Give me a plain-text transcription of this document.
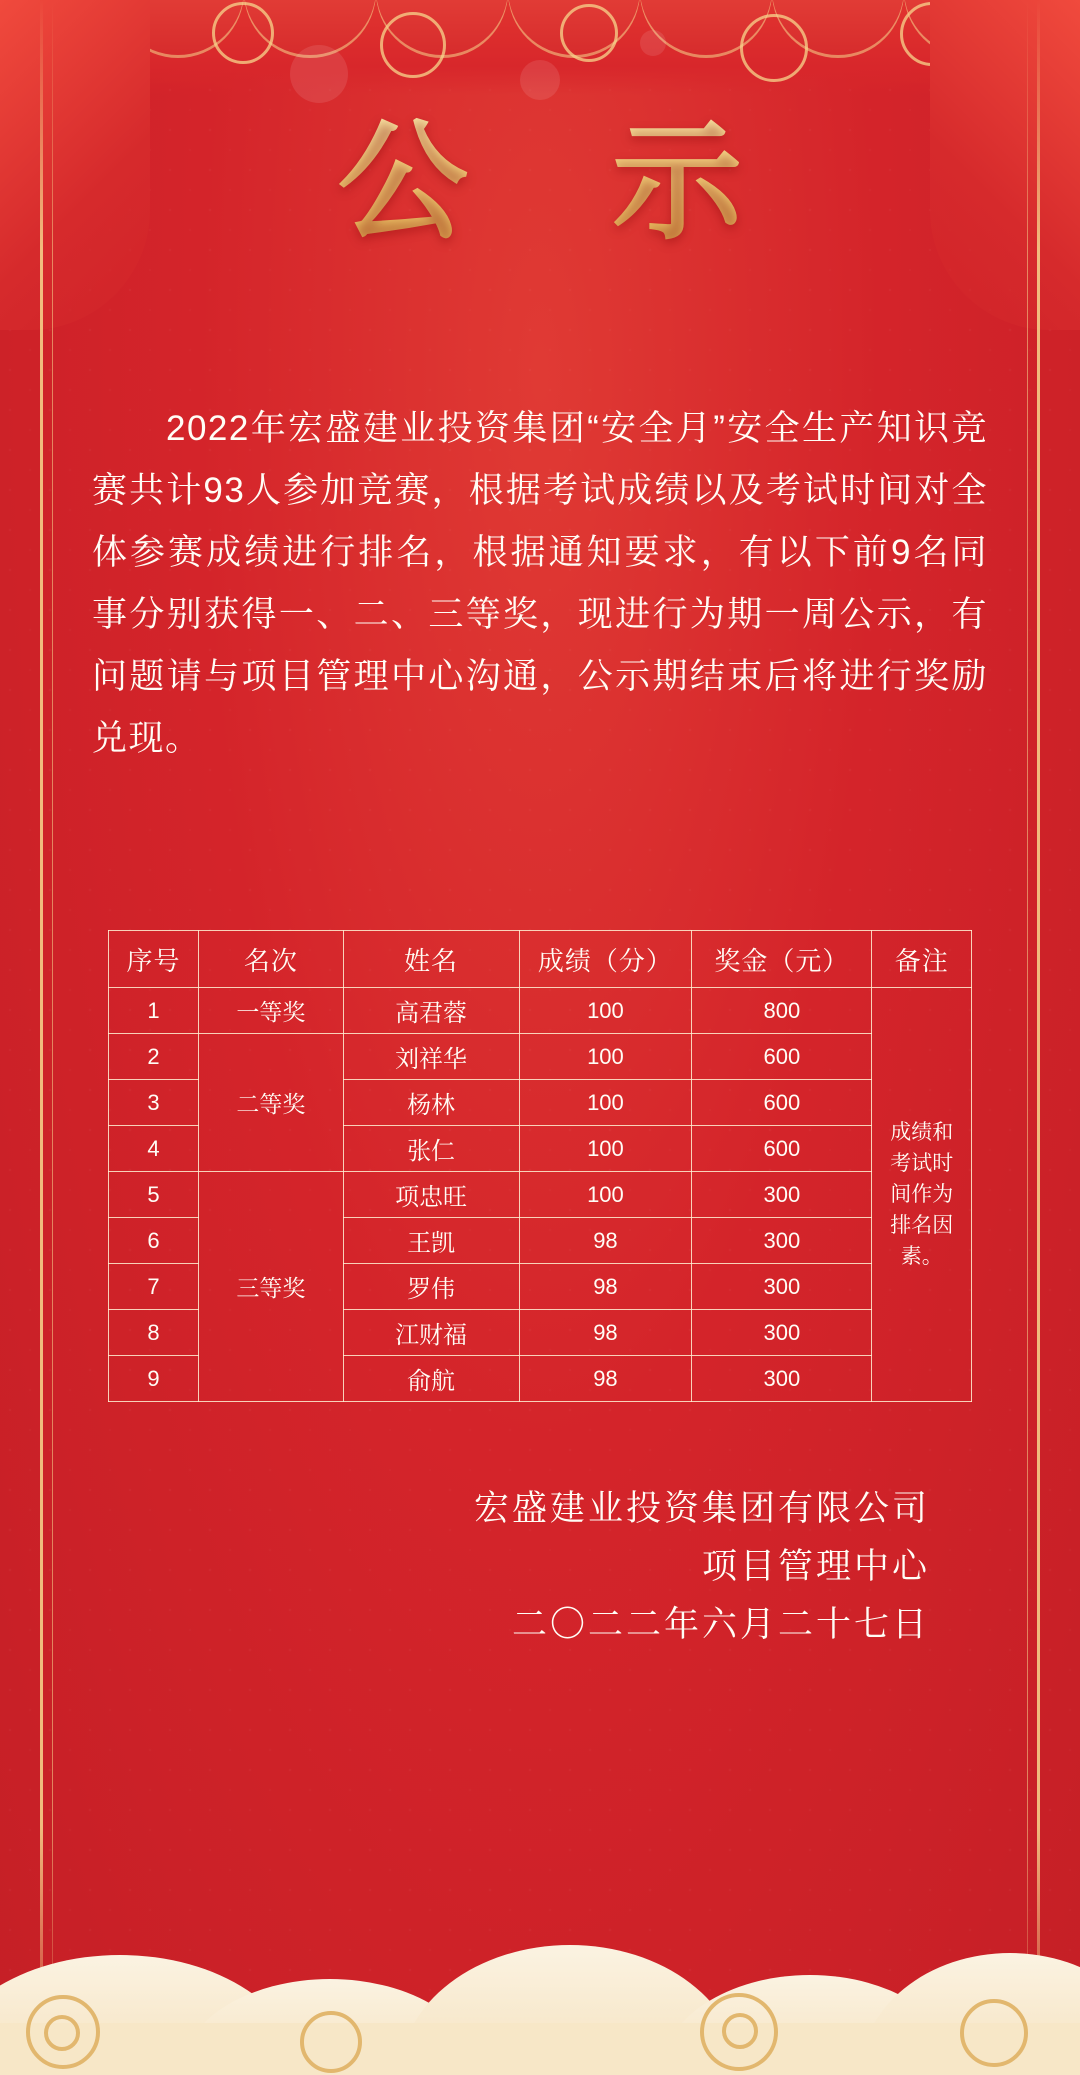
公 示
2022年宏盛建业投资集团“安全月”安全生产知识竞赛共计93人参加竞赛，根据考试成绩以及考试时间对全体参赛成绩进行排名，根据通知要求，有以下前9名同事分别获得一、二、三等奖，现进行为期一周公示，有问题请与项目管理中心沟通，公示期结束后将进行奖励兑现。
序号	名次	姓名	成绩（分）	奖金（元）	备注
1	一等奖	高君蓉	100	800	成绩和考试时间作为排名因素。
2	二等奖	刘祥华	100	600	
3		杨林	100	600	
4		张仁	100	600	
5	三等奖	项忠旺	100	300	
6		王凯	98	300	
7		罗伟	98	300	
8		江财福	98	300	
9		俞航	98	300	
宏盛建业投资集团有限公司
项目管理中心
二〇二二年六月二十七日
